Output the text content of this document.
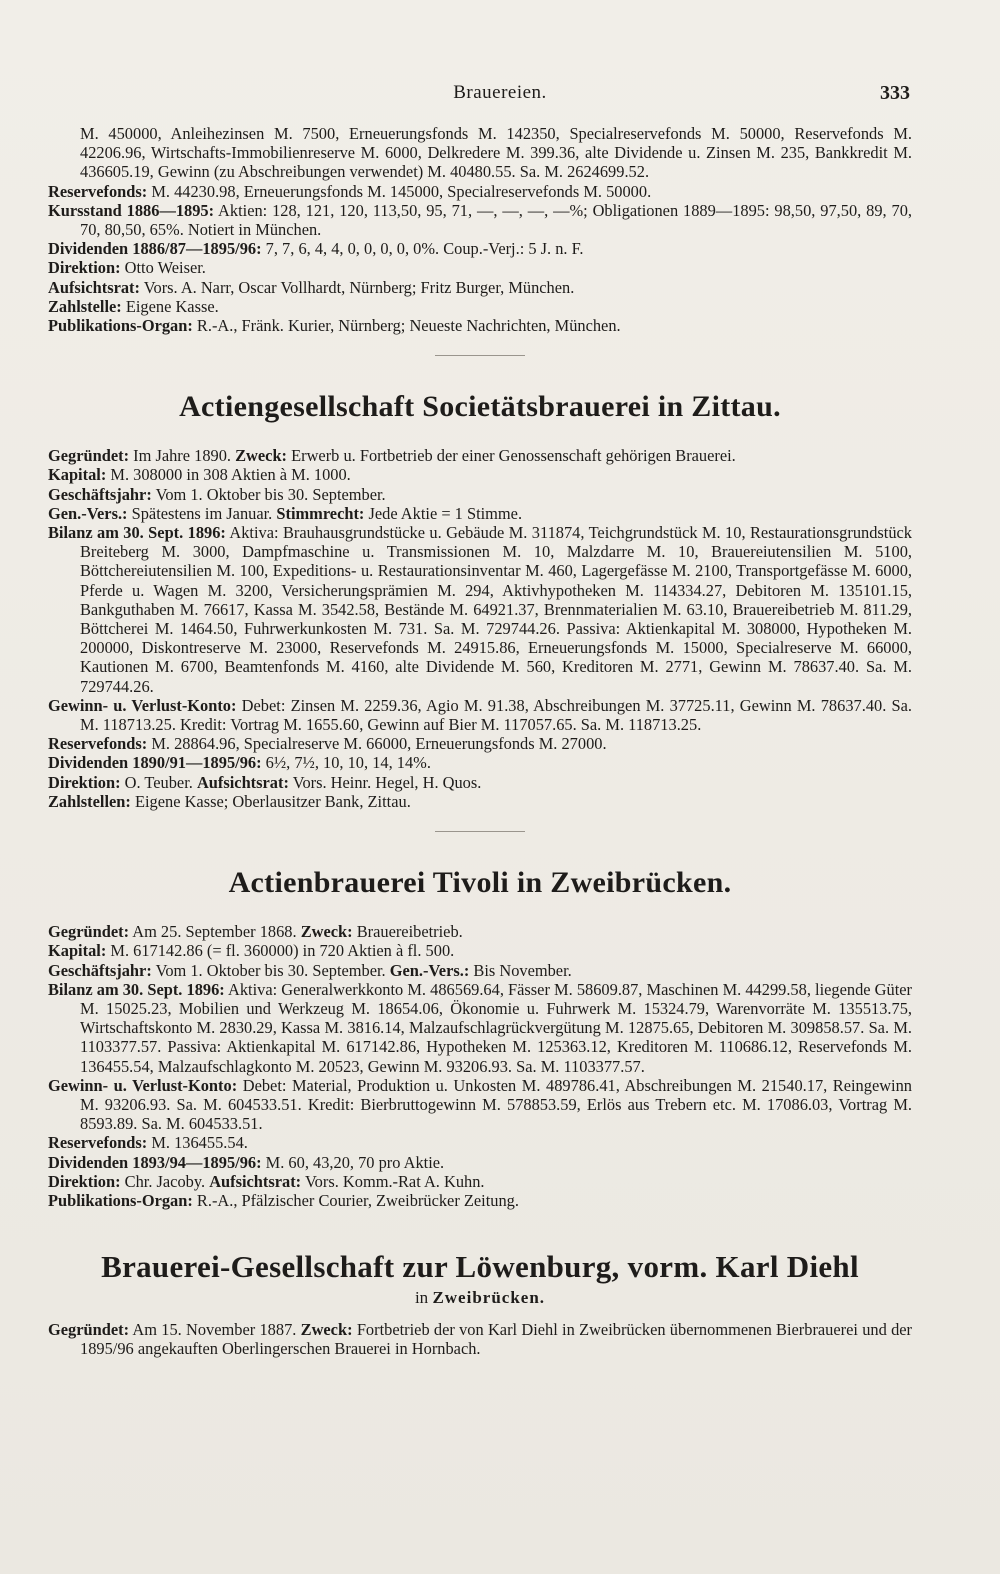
Brauereien.	333

M. 450000, Anleihezinsen M. 7500, Erneuerungsfonds M. 142350, Specialreservefonds M. 50000, Reservefonds M. 42206.96, Wirtschafts-Immobilienreserve M. 6000, Delkredere M. 399.36, alte Dividende u. Zinsen M. 235, Bankkredit M. 436605.19, Gewinn (zu Abschreibungen verwendet) M. 40480.55. Sa. M. 2624699.52.

Reservefonds: M. 44230.98, Erneuerungsfonds M. 145000, Specialreservefonds M. 50000.

Kursstand 1886—1895: Aktien: 128, 121, 120, 113,50, 95, 71, —, —, —, —%; Obligationen 1889—1895: 98,50, 97,50, 89, 70, 70, 80,50, 65%. Notiert in München.

Dividenden 1886/87—1895/96: 7, 7, 6, 4, 4, 0, 0, 0, 0, 0%. Coup.-Verj.: 5 J. n. F.

Direktion: Otto Weiser.

Aufsichtsrat: Vors. A. Narr, Oscar Vollhardt, Nürnberg; Fritz Burger, München.

Zahlstelle: Eigene Kasse.

Publikations-Organ: R.-A., Fränk. Kurier, Nürnberg; Neueste Nachrichten, München.

Actiengesellschaft Societätsbrauerei in Zittau.

Gegründet: Im Jahre 1890. Zweck: Erwerb u. Fortbetrieb der einer Genossenschaft gehörigen Brauerei.

Kapital: M. 308000 in 308 Aktien à M. 1000.

Geschäftsjahr: Vom 1. Oktober bis 30. September.

Gen.-Vers.: Spätestens im Januar. Stimmrecht: Jede Aktie = 1 Stimme.

Bilanz am 30. Sept. 1896: Aktiva: Brauhausgrundstücke u. Gebäude M. 311874, Teichgrundstück M. 10, Restaurationsgrundstück Breiteberg M. 3000, Dampfmaschine u. Transmissionen M. 10, Malzdarre M. 10, Brauereiutensilien M. 5100, Böttchereiutensilien M. 100, Expeditions- u. Restaurationsinventar M. 460, Lagergefässe M. 2100, Transportgefässe M. 6000, Pferde u. Wagen M. 3200, Versicherungsprämien M. 294, Aktivhypotheken M. 114334.27, Debitoren M. 135101.15, Bankguthaben M. 76617, Kassa M. 3542.58, Bestände M. 64921.37, Brennmaterialien M. 63.10, Brauereibetrieb M. 811.29, Böttcherei M. 1464.50, Fuhrwerkunkosten M. 731. Sa. M. 729744.26. Passiva: Aktienkapital M. 308000, Hypotheken M. 200000, Diskontreserve M. 23000, Reservefonds M. 24915.86, Erneuerungsfonds M. 15000, Specialreserve M. 66000, Kautionen M. 6700, Beamtenfonds M. 4160, alte Dividende M. 560, Kreditoren M. 2771, Gewinn M. 78637.40. Sa. M. 729744.26.

Gewinn- u. Verlust-Konto: Debet: Zinsen M. 2259.36, Agio M. 91.38, Abschreibungen M. 37725.11, Gewinn M. 78637.40. Sa. M. 118713.25. Kredit: Vortrag M. 1655.60, Gewinn auf Bier M. 117057.65. Sa. M. 118713.25.

Reservefonds: M. 28864.96, Specialreserve M. 66000, Erneuerungsfonds M. 27000.

Dividenden 1890/91—1895/96: 6½, 7½, 10, 10, 14, 14%.

Direktion: O. Teuber. Aufsichtsrat: Vors. Heinr. Hegel, H. Quos.

Zahlstellen: Eigene Kasse; Oberlausitzer Bank, Zittau.

Actienbrauerei Tivoli in Zweibrücken.

Gegründet: Am 25. September 1868. Zweck: Brauereibetrieb.

Kapital: M. 617142.86 (= fl. 360000) in 720 Aktien à fl. 500.

Geschäftsjahr: Vom 1. Oktober bis 30. September. Gen.-Vers.: Bis November.

Bilanz am 30. Sept. 1896: Aktiva: Generalwerkkonto M. 486569.64, Fässer M. 58609.87, Maschinen M. 44299.58, liegende Güter M. 15025.23, Mobilien und Werkzeug M. 18654.06, Ökonomie u. Fuhrwerk M. 15324.79, Warenvorräte M. 135513.75, Wirtschaftskonto M. 2830.29, Kassa M. 3816.14, Malzaufschlagrückvergütung M. 12875.65, Debitoren M. 309858.57. Sa. M. 1103377.57. Passiva: Aktienkapital M. 617142.86, Hypotheken M. 125363.12, Kreditoren M. 110686.12, Reservefonds M. 136455.54, Malzaufschlagkonto M. 20523, Gewinn M. 93206.93. Sa. M. 1103377.57.

Gewinn- u. Verlust-Konto: Debet: Material, Produktion u. Unkosten M. 489786.41, Abschreibungen M. 21540.17, Reingewinn M. 93206.93. Sa. M. 604533.51. Kredit: Bierbruttogewinn M. 578853.59, Erlös aus Trebern etc. M. 17086.03, Vortrag M. 8593.89. Sa. M. 604533.51.

Reservefonds: M. 136455.54.

Dividenden 1893/94—1895/96: M. 60, 43,20, 70 pro Aktie.

Direktion: Chr. Jacoby. Aufsichtsrat: Vors. Komm.-Rat A. Kuhn.

Publikations-Organ: R.-A., Pfälzischer Courier, Zweibrücker Zeitung.

Brauerei-Gesellschaft zur Löwenburg, vorm. Karl Diehl

in Zweibrücken.

Gegründet: Am 15. November 1887. Zweck: Fortbetrieb der von Karl Diehl in Zweibrücken übernommenen Bierbrauerei und der 1895/96 angekauften Oberlingerschen Brauerei in Hornbach.
